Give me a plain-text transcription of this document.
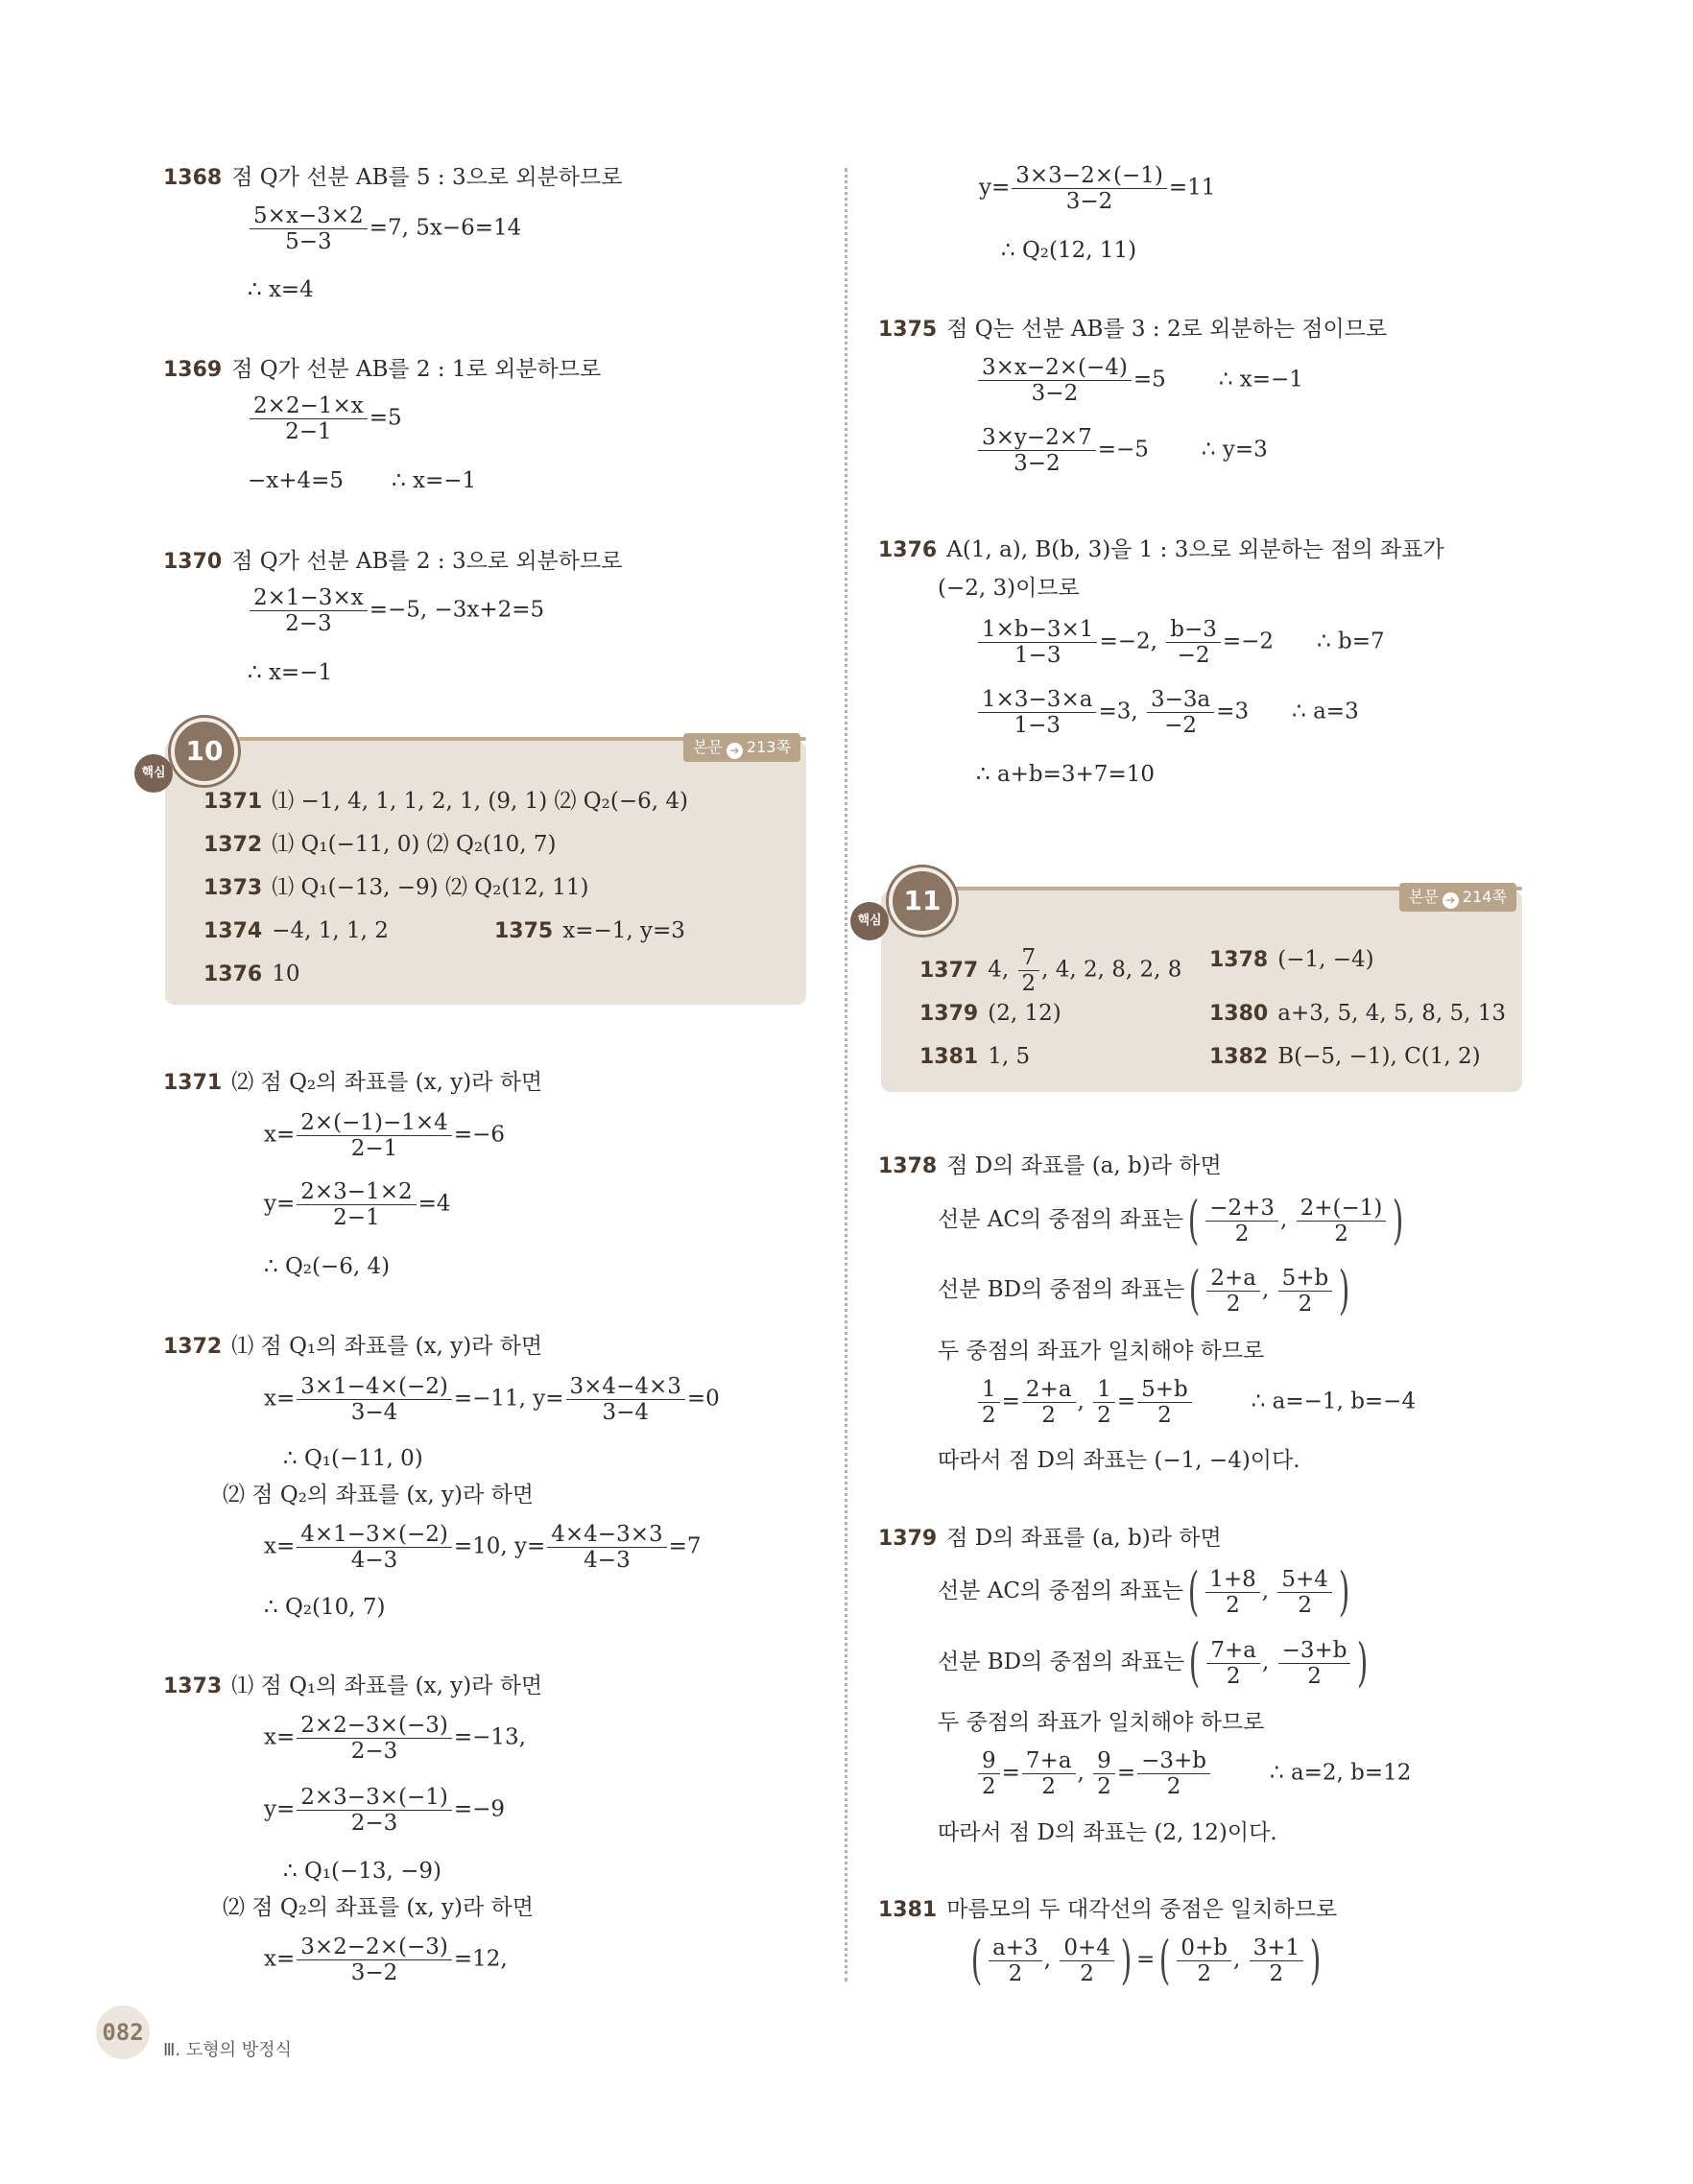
1368 점 Q가 선분 AB를 5 : 3으로 외분하므로
$\frac{5\times x-3\times 2}{5-3} =7$, 5x−6=14
∴ x=4
1369 점 Q가 선분 AB를 2 : 1로 외분하므로
$\frac{2\times 2-1\times x}{2-1} =5$
−x+4=5 ∴ x=−1
1370 점 Q가 선분 AB를 2 : 3으로 외분하므로
$\frac{2\times 1-3\times x}{2-3} =-5$, −3x+2=5
∴ x=−1
1371 ⑵ 점 Q₂의 좌표를 (x, y)라 하면
$x= \frac{2\times(-1)-1\times 4}{2-1} =-6$
$y= \frac{2\times 3-1\times 2}{2-1} =4$
∴ Q₂(−6, 4)
1372 ⑴ 점 Q₁의 좌표를 (x, y)라 하면
$x= \frac{3\times 1-4\times(-2)}{3-4} =-11$, $y= \frac{3\times 4-4\times 3}{3-4} =0$
∴ Q₁(−11, 0)
⑵ 점 Q₂의 좌표를 (x, y)라 하면
$x= \frac{4\times 1-3\times(-2)}{4-3} =10$, $y= \frac{4\times 4-3\times 3}{4-3} =7$
∴ Q₂(10, 7)
1373 ⑴ 점 Q₁의 좌표를 (x, y)라 하면
$x= \frac{2\times 2-3\times(-3)}{2-3} =-13$,
$y= \frac{2\times 3-3\times(-1)}{2-3} =-9$
∴ Q₁(−13, −9)
⑵ 점 Q₂의 좌표를 (x, y)라 하면
$x= \frac{3\times 2-2\times(-3)}{3-2} =12$,
10
핵심
본문 ➔ 213쪽
1371 ⑴ −1, 4, 1, 1, 2, 1, (9, 1) ⑵ Q₂(−6, 4)
1372 ⑴ Q₁(−11, 0) ⑵ Q₂(10, 7)
1373 ⑴ Q₁(−13, −9) ⑵ Q₂(12, 11)
1374 −4, 1, 1, 2	1375 x=−1, y=3
1376 10
$y= \frac{3\times 3-2\times(-1)}{3-2} =11$
∴ Q₂(12, 11)
1375 점 Q는 선분 AB를 3 : 2로 외분하는 점이므로
$\frac{3\times x-2\times(-4)}{3-2} =5$ ∴ x=−1
$\frac{3\times y-2\times 7}{3-2} =-5$ ∴ y=3
1376 A(1, a), B(b, 3)을 1 : 3으로 외분하는 점의 좌표가
(−2, 3)이므로
$\frac{1\times b-3\times 1}{1-3} =-2$, $\frac{b-3}{-2} =-2$ ∴ b=7
$\frac{1\times 3-3\times a}{1-3} =3$, $\frac{3-3a}{-2} =3$ ∴ a=3
∴ a+b=3+7=10
1378 점 D의 좌표를 (a, b)라 하면
선분 AC의 중점의 좌표는( $\frac{-2+3}{2}$ , $\frac{2+(-1)}{2}$ )
선분 BD의 중점의 좌표는( $\frac{2+a}{2}$ , $\frac{5+b}{2}$ )
두 중점의 좌표가 일치해야 하므로
$\frac{1}{2} = \frac{2+a}{2}$ , $\frac{1}{2} = \frac{5+b}{2}$	∴ a=−1, b=−4
따라서 점 D의 좌표는 (−1, −4)이다.
1379 점 D의 좌표를 (a, b)라 하면
선분 AC의 중점의 좌표는( $\frac{1+8}{2}$ , $\frac{5+4}{2}$ )
선분 BD의 중점의 좌표는( $\frac{7+a}{2}$ , $\frac{-3+b}{2}$ )
두 중점의 좌표가 일치해야 하므로
$\frac{9}{2} = \frac{7+a}{2}$ , $\frac{9}{2} = \frac{-3+b}{2}$	∴ a=2, b=12
따라서 점 D의 좌표는 (2, 12)이다.
1381 마름모의 두 대각선의 중점은 일치하므로
( $\frac{a+3}{2}$ , $\frac{0+4}{2}$ ) =( $\frac{0+b}{2}$ , $\frac{3+1}{2}$ )
11
핵심
본문 ➔ 214쪽
1377 4, $\frac{7}{2}$ , 4, 2, 8, 2, 8 1378 (−1, −4)
1379 (2, 12)	1380 a+3, 5, 4, 5, 8, 5, 13
1381 1, 5	1382 B(−5, −1), C(1, 2)
082
Ⅲ. 도형의 방정식
